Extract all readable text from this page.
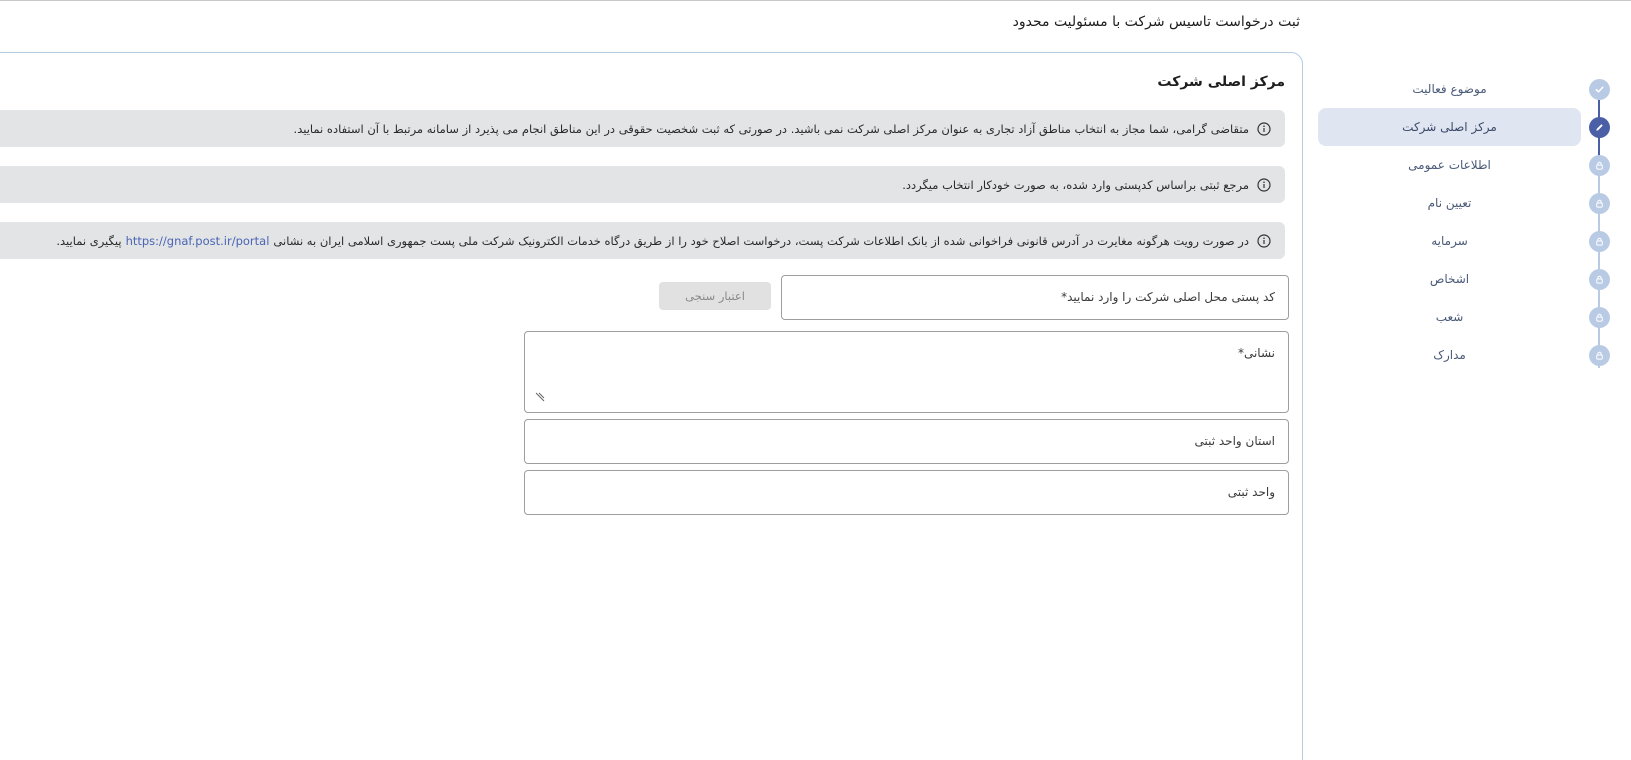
ثبت درخواست تاسیس شرکت با مسئولیت محدود
موضوع فعالیت
مرکز اصلی شرکت
اطلاعات عمومی
تعیین نام
سرمایه
اشخاص
شعب
مدارک
مرکز اصلی شرکت
متقاضی گرامی، شما مجاز به انتخاب مناطق آزاد تجاری به عنوان مرکز اصلی شرکت نمی باشید. در صورتی که ثبت شخصیت حقوقی در این مناطق انجام می پذیرد از سامانه مرتبط با آن استفاده نمایید.
مرجع ثبتی براساس کدپستی وارد شده، به صورت خودکار انتخاب میگردد.
در صورت رویت هرگونه مغایرت در آدرس قانونی فراخوانی شده از بانک اطلاعات شرکت پست، درخواست اصلاح خود را از طریق درگاه خدمات الکترونیک شرکت ملی پست جمهوری اسلامی ایران به نشانی
https://gnaf.post.ir/portal
پیگیری نمایید.
کد پستی محل اصلی شرکت را وارد نمایید*
اعتبار سنجی
نشانی*
استان واحد ثبتی
واحد ثبتی
